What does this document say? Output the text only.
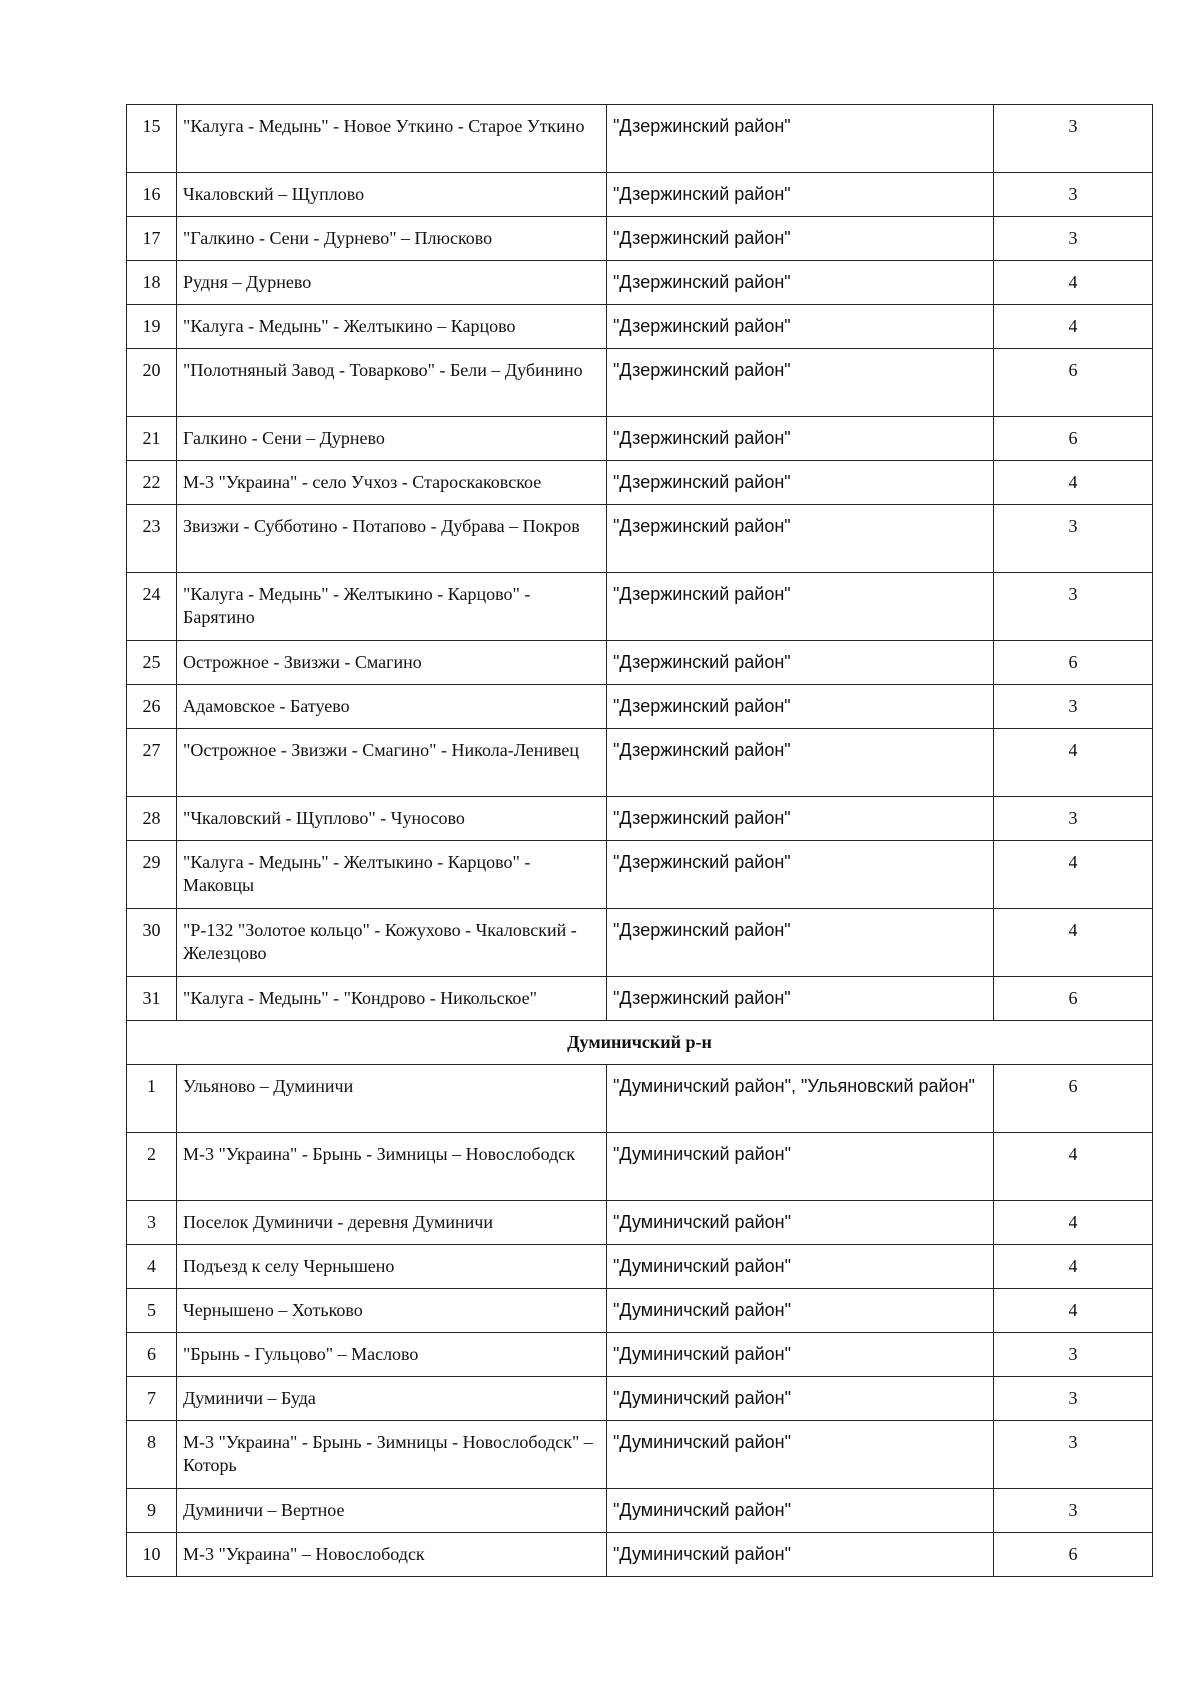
15	"Калуга - Медынь" - Новое Уткино - Старое Уткино	"Дзержинский район"	3
16	Чкаловский – Щуплово	"Дзержинский район"	3
17	"Галкино - Сени - Дурнево" – Плюсково	"Дзержинский район"	3
18	Рудня – Дурнево	"Дзержинский район"	4
19	"Калуга - Медынь" - Желтыкино – Карцово	"Дзержинский район"	4
20	"Полотняный Завод - Товарково" - Бели – Дубинино	"Дзержинский район"	6
21	Галкино - Сени – Дурнево	"Дзержинский район"	6
22	М-3 "Украина" - село Учхоз - Староскаковское	"Дзержинский район"	4
23	Звизжи - Субботино - Потапово - Дубрава – Покров	"Дзержинский район"	3
24	"Калуга - Медынь" - Желтыкино - Карцово" - Барятино	"Дзержинский район"	3
25	Острожное - Звизжи - Смагино	"Дзержинский район"	6
26	Адамовское - Батуево	"Дзержинский район"	3
27	"Острожное - Звизжи - Смагино" - Никола-Ленивец	"Дзержинский район"	4
28	"Чкаловский - Щуплово" - Чуносово	"Дзержинский район"	3
29	"Калуга - Медынь" - Желтыкино - Карцово" - Маковцы	"Дзержинский район"	4
30	"Р-132 "Золотое кольцо" - Кожухово - Чкаловский - Железцово	"Дзержинский район"	4
31	"Калуга - Медынь" - "Кондрово - Никольское"	"Дзержинский район"	6
Думиничский р-н			
1	Ульяново – Думиничи	"Думиничский район", "Ульяновский район"	6
2	М-3 "Украина" - Брынь - Зимницы – Новослободск	"Думиничский район"	4
3	Поселок Думиничи - деревня Думиничи	"Думиничский район"	4
4	Подъезд к селу Чернышено	"Думиничский район"	4
5	Чернышено – Хотьково	"Думиничский район"	4
6	"Брынь - Гульцово" – Маслово	"Думиничский район"	3
7	Думиничи – Буда	"Думиничский район"	3
8	М-3 "Украина" - Брынь - Зимницы - Новослободск" – Которь	"Думиничский район"	3
9	Думиничи – Вертное	"Думиничский район"	3
10	М-3 "Украина" – Новослободск	"Думиничский район"	6
